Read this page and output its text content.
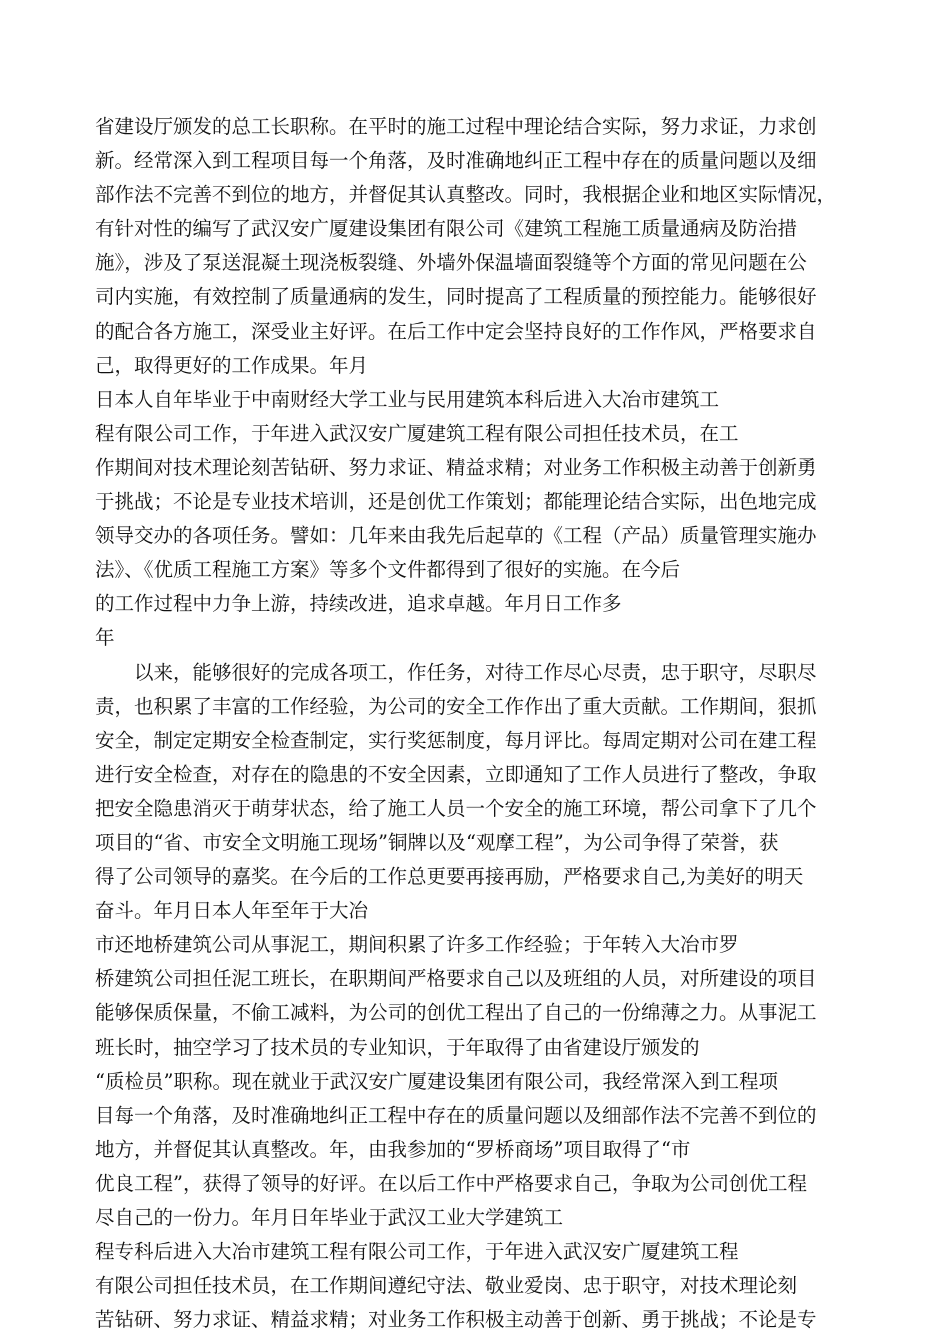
省建设厅颁发的总工长职称。在平时的施工过程中理论结合实际，努力求证，力求创
新。经常深入到工程项目每一个角落，及时准确地纠正工程中存在的质量问题以及细
部作法不完善不到位的地方，并督促其认真整改。同时，我根据企业和地区实际情况，
有针对性的编写了武汉安广厦建设集团有限公司《建筑工程施工质量通病及防治措
施》，涉及了泵送混凝土现浇板裂缝、外墙外保温墙面裂缝等个方面的常见问题在公
司内实施，有效控制了质量通病的发生，同时提高了工程质量的预控能力。能够很好
的配合各方施工，深受业主好评。在后工作中定会坚持良好的工作作风，严格要求自
己，取得更好的工作成果。年月
日本人自年毕业于中南财经大学工业与民用建筑本科后进入大冶市建筑工
程有限公司工作，于年进入武汉安广厦建筑工程有限公司担任技术员，在工
作期间对技术理论刻苦钻研、努力求证、精益求精；对业务工作积极主动善于创新勇
于挑战；不论是专业技术培训，还是创优工作策划；都能理论结合实际，出色地完成
领导交办的各项任务。譬如：几年来由我先后起草的《工程（产品）质量管理实施办
法》、《优质工程施工方案》等多个文件都得到了很好的实施。在今后
的工作过程中力争上游，持续改进，追求卓越。年月日工作多
年
　　以来，能够很好的完成各项工，作任务，对待工作尽心尽责，忠于职守，尽职尽
责，也积累了丰富的工作经验，为公司的安全工作作出了重大贡献。工作期间，狠抓
安全，制定定期安全检查制定，实行奖惩制度，每月评比。每周定期对公司在建工程
进行安全检查，对存在的隐患的不安全因素，立即通知了工作人员进行了整改，争取
把安全隐患消灭于萌芽状态，给了施工人员一个安全的施工环境，帮公司拿下了几个
项目的“省、市安全文明施工现场”铜牌以及“观摩工程”，为公司争得了荣誉，获
得了公司领导的嘉奖。在今后的工作总更要再接再励，严格要求自己,为美好的明天
奋斗。年月日本人年至年于大冶
市还地桥建筑公司从事泥工，期间积累了许多工作经验；于年转入大冶市罗
桥建筑公司担任泥工班长，在职期间严格要求自己以及班组的人员，对所建设的项目
能够保质保量，不偷工减料，为公司的创优工程出了自己的一份绵薄之力。从事泥工
班长时，抽空学习了技术员的专业知识，于年取得了由省建设厅颁发的
“质检员”职称。现在就业于武汉安广厦建设集团有限公司，我经常深入到工程项
目每一个角落，及时准确地纠正工程中存在的质量问题以及细部作法不完善不到位的
地方，并督促其认真整改。年，由我参加的“罗桥商场”项目取得了“市
优良工程”，获得了领导的好评。在以后工作中严格要求自己，争取为公司创优工程
尽自己的一份力。年月日年毕业于武汉工业大学建筑工
程专科后进入大冶市建筑工程有限公司工作，于年进入武汉安广厦建筑工程
有限公司担任技术员，在工作期间遵纪守法、敬业爱岗、忠于职守，对技术理论刻
苦钻研、努力求证、精益求精；对业务工作积极主动善于创新、勇于挑战；不论是专
